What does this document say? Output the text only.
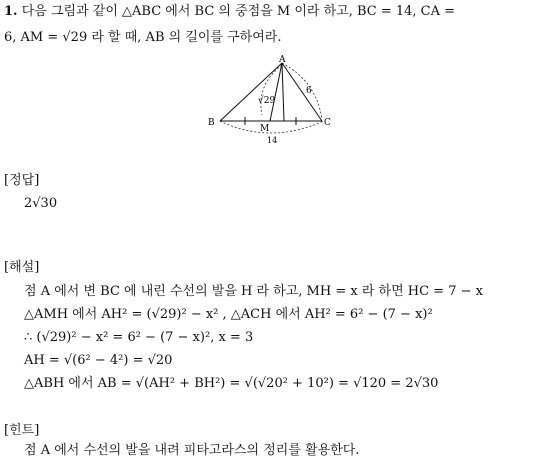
1. 다음 그림과 같이 △ABC 에서 BC 의 중점을 M 이라 하고, BC = 14, CA =
6, AM = √29 라 할 때, AB 의 길이를 구하여라.
A
B	C
M
√29
6
14
[정답]
2√30
[해설]
점 A 에서 변 BC 에 내린 수선의 발을 H 라 하고, MH = x 라 하면 HC = 7 − x
△AMH 에서 AH² = (√29)² − x² , △ACH 에서 AH² = 6² − (7 − x)²
∴ (√29)² − x² = 6² − (7 − x)², x = 3
AH = √(6² − 4²) = √20
△ABH 에서 AB = √(AH² + BH²) = √(√20² + 10²) = √120 = 2√30
[힌트]
점 A 에서 수선의 발을 내려 피타고라스의 정리를 활용한다.
